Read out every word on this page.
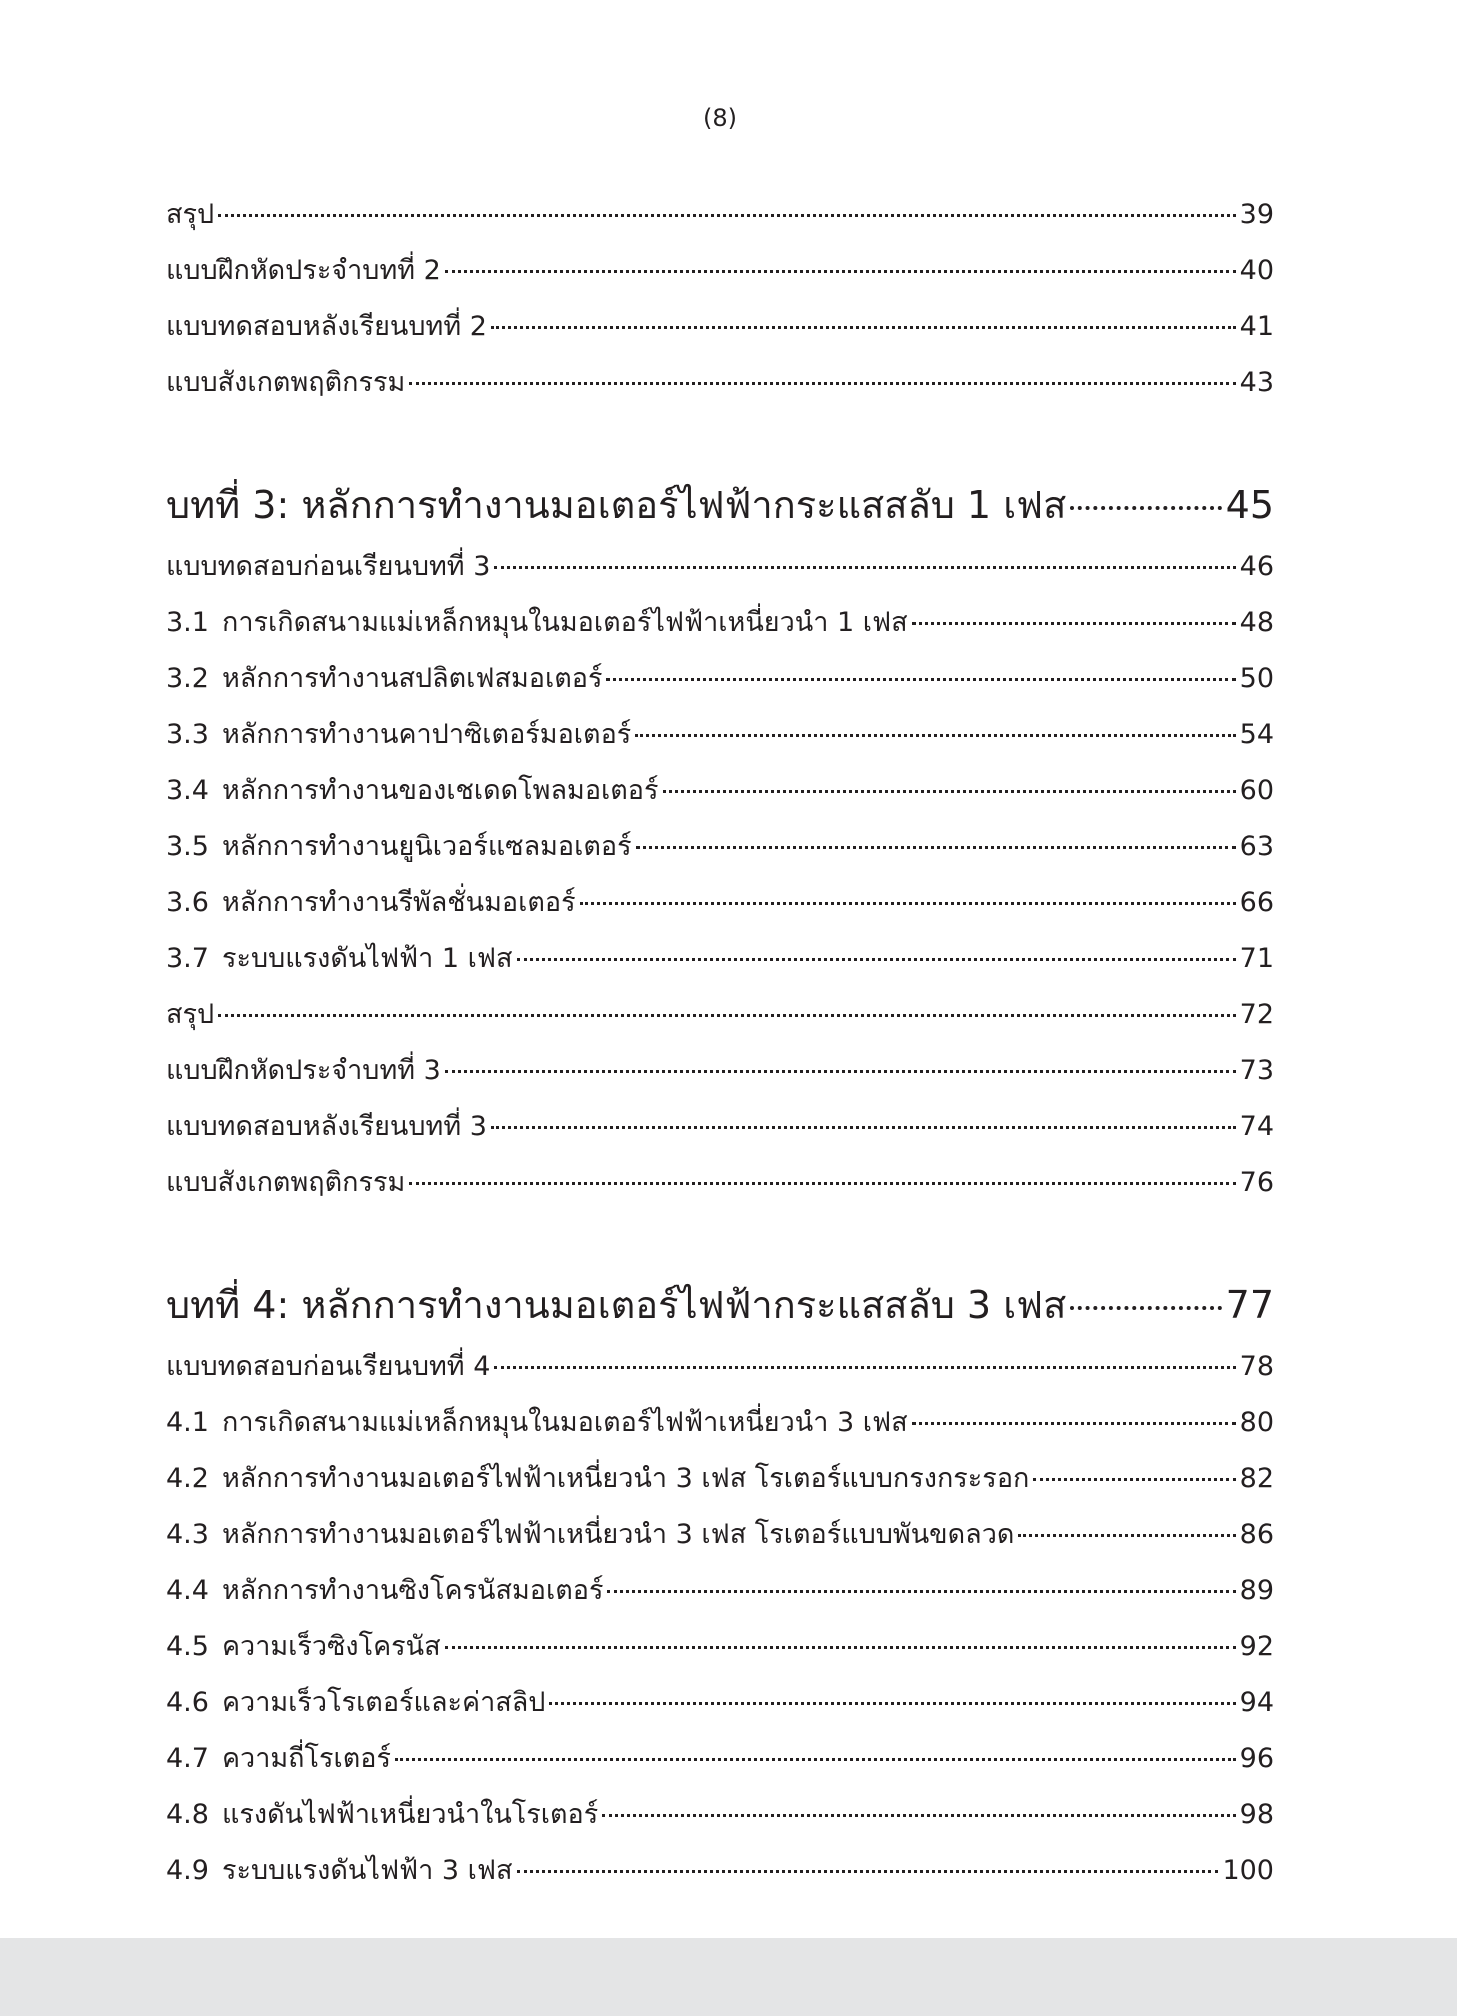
(8)
สรุป	39
แบบฝึกหัดประจำบทที่ 2	40
แบบทดสอบหลังเรียนบทที่ 2	41
แบบสังเกตพฤติกรรม	43
บทที่ 3: หลักการทำงานมอเตอร์ไฟฟ้ากระแสสลับ 1 เฟส	45
แบบทดสอบก่อนเรียนบทที่ 3	46
3.1 การเกิดสนามแม่เหล็กหมุนในมอเตอร์ไฟฟ้าเหนี่ยวนำ 1 เฟส	48
3.2 หลักการทำงานสปลิตเฟสมอเตอร์	50
3.3 หลักการทำงานคาปาซิเตอร์มอเตอร์	54
3.4 หลักการทำงานของเชเดดโพลมอเตอร์	60
3.5 หลักการทำงานยูนิเวอร์แซลมอเตอร์	63
3.6 หลักการทำงานรีพัลชั่นมอเตอร์	66
3.7 ระบบแรงดันไฟฟ้า 1 เฟส	71
สรุป	72
แบบฝึกหัดประจำบทที่ 3	73
แบบทดสอบหลังเรียนบทที่ 3	74
แบบสังเกตพฤติกรรม	76
บทที่ 4: หลักการทำงานมอเตอร์ไฟฟ้ากระแสสลับ 3 เฟส	77
แบบทดสอบก่อนเรียนบทที่ 4	78
4.1 การเกิดสนามแม่เหล็กหมุนในมอเตอร์ไฟฟ้าเหนี่ยวนำ 3 เฟส	80
4.2 หลักการทำงานมอเตอร์ไฟฟ้าเหนี่ยวนำ 3 เฟส โรเตอร์แบบกรงกระรอก	82
4.3 หลักการทำงานมอเตอร์ไฟฟ้าเหนี่ยวนำ 3 เฟส โรเตอร์แบบพันขดลวด	86
4.4 หลักการทำงานซิงโครนัสมอเตอร์	89
4.5 ความเร็วซิงโครนัส	92
4.6 ความเร็วโรเตอร์และค่าสลิป	94
4.7 ความถี่โรเตอร์	96
4.8 แรงดันไฟฟ้าเหนี่ยวนำในโรเตอร์	98
4.9 ระบบแรงดันไฟฟ้า 3 เฟส	100
